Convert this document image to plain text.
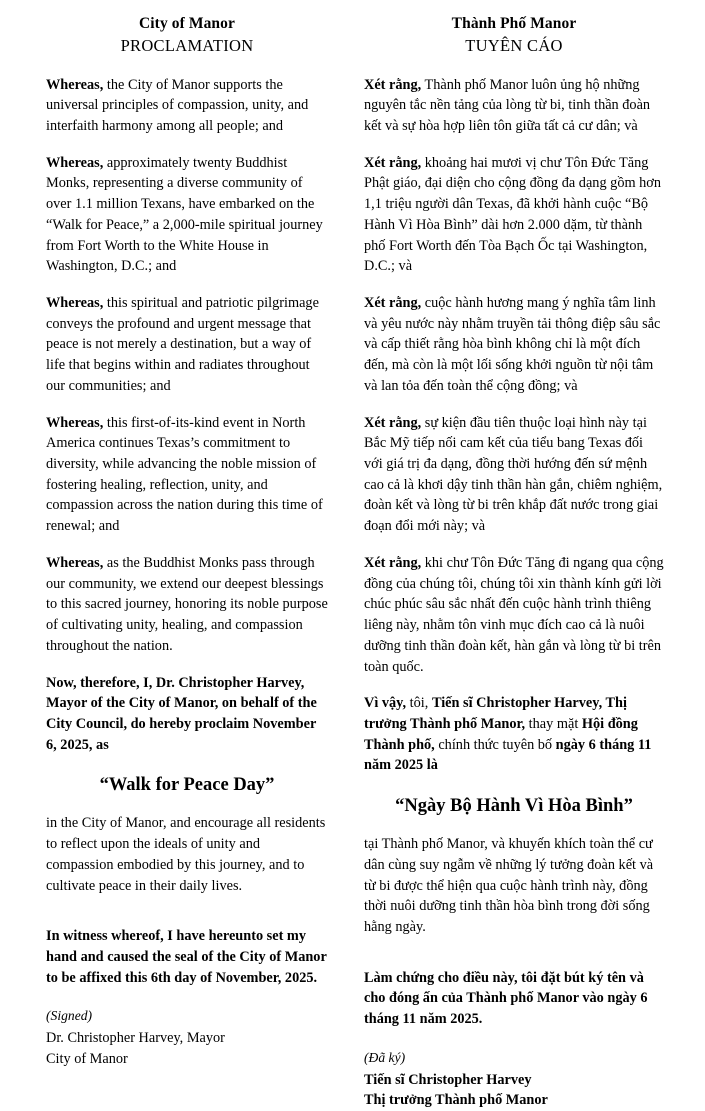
City of Manor
PROCLAMATION

Whereas, the City of Manor supports the universal principles of compassion, unity, and interfaith harmony among all people; and

Whereas, approximately twenty Buddhist Monks, representing a diverse community of over 1.1 million Texans, have embarked on the “Walk for Peace,” a 2,000-mile spiritual journey from Fort Worth to the White House in Washington, D.C.; and

Whereas, this spiritual and patriotic pilgrimage conveys the profound and urgent message that peace is not merely a destination, but a way of life that begins within and radiates throughout our communities; and

Whereas, this first-of-its-kind event in North America continues Texas’s commitment to diversity, while advancing the noble mission of fostering healing, reflection, unity, and compassion across the nation during this time of renewal; and

Whereas, as the Buddhist Monks pass through our community, we extend our deepest blessings to this sacred journey, honoring its noble purpose of cultivating unity, healing, and compassion throughout the nation.

Now, therefore, I, Dr. Christopher Harvey, Mayor of the City of Manor, on behalf of the City Council, do hereby proclaim November 6, 2025, as

“Walk for Peace Day”

in the City of Manor, and encourage all residents to reflect upon the ideals of unity and compassion embodied by this journey, and to cultivate peace in their daily lives.

In witness whereof, I have hereunto set my hand and caused the seal of the City of Manor to be affixed this 6th day of November, 2025.

(Signed)
Dr. Christopher Harvey, Mayor
City of Manor
Thành Phố Manor
TUYÊN CÁO

Xét rằng, Thành phố Manor luôn ủng hộ những nguyên tắc nền tảng của lòng từ bi, tinh thần đoàn kết và sự hòa hợp liên tôn giữa tất cả cư dân; và

Xét rằng, khoảng hai mươi vị chư Tôn Đức Tăng Phật giáo, đại diện cho cộng đồng đa dạng gồm hơn 1,1 triệu người dân Texas, đã khởi hành cuộc “Bộ Hành Vì Hòa Bình” dài hơn 2.000 dặm, từ thành phố Fort Worth đến Tòa Bạch Ốc tại Washington, D.C.; và

Xét rằng, cuộc hành hương mang ý nghĩa tâm linh và yêu nước này nhằm truyền tải thông điệp sâu sắc và cấp thiết rằng hòa bình không chỉ là một đích đến, mà còn là một lối sống khởi nguồn từ nội tâm và lan tỏa đến toàn thể cộng đồng; và

Xét rằng, sự kiện đầu tiên thuộc loại hình này tại Bắc Mỹ tiếp nối cam kết của tiểu bang Texas đối với giá trị đa dạng, đồng thời hướng đến sứ mệnh cao cả là khơi dậy tinh thần hàn gắn, chiêm nghiệm, đoàn kết và lòng từ bi trên khắp đất nước trong giai đoạn đổi mới này; và

Xét rằng, khi chư Tôn Đức Tăng đi ngang qua cộng đồng của chúng tôi, chúng tôi xin thành kính gửi lời chúc phúc sâu sắc nhất đến cuộc hành trình thiêng liêng này, nhằm tôn vinh mục đích cao cả là nuôi dưỡng tinh thần đoàn kết, hàn gắn và lòng từ bi trên toàn quốc.

Vì vậy, tôi, Tiến sĩ Christopher Harvey, Thị trưởng Thành phố Manor, thay mặt Hội đồng Thành phố, chính thức tuyên bố ngày 6 tháng 11 năm 2025 là

“Ngày Bộ Hành Vì Hòa Bình”

tại Thành phố Manor, và khuyến khích toàn thể cư dân cùng suy ngẫm về những lý tưởng đoàn kết và từ bi được thể hiện qua cuộc hành trình này, đồng thời nuôi dưỡng tinh thần hòa bình trong đời sống hằng ngày.

Làm chứng cho điều này, tôi đặt bút ký tên và cho đóng ấn của Thành phố Manor vào ngày 6 tháng 11 năm 2025.

(Đã ký)
Tiến sĩ Christopher Harvey
Thị trưởng Thành phố Manor
